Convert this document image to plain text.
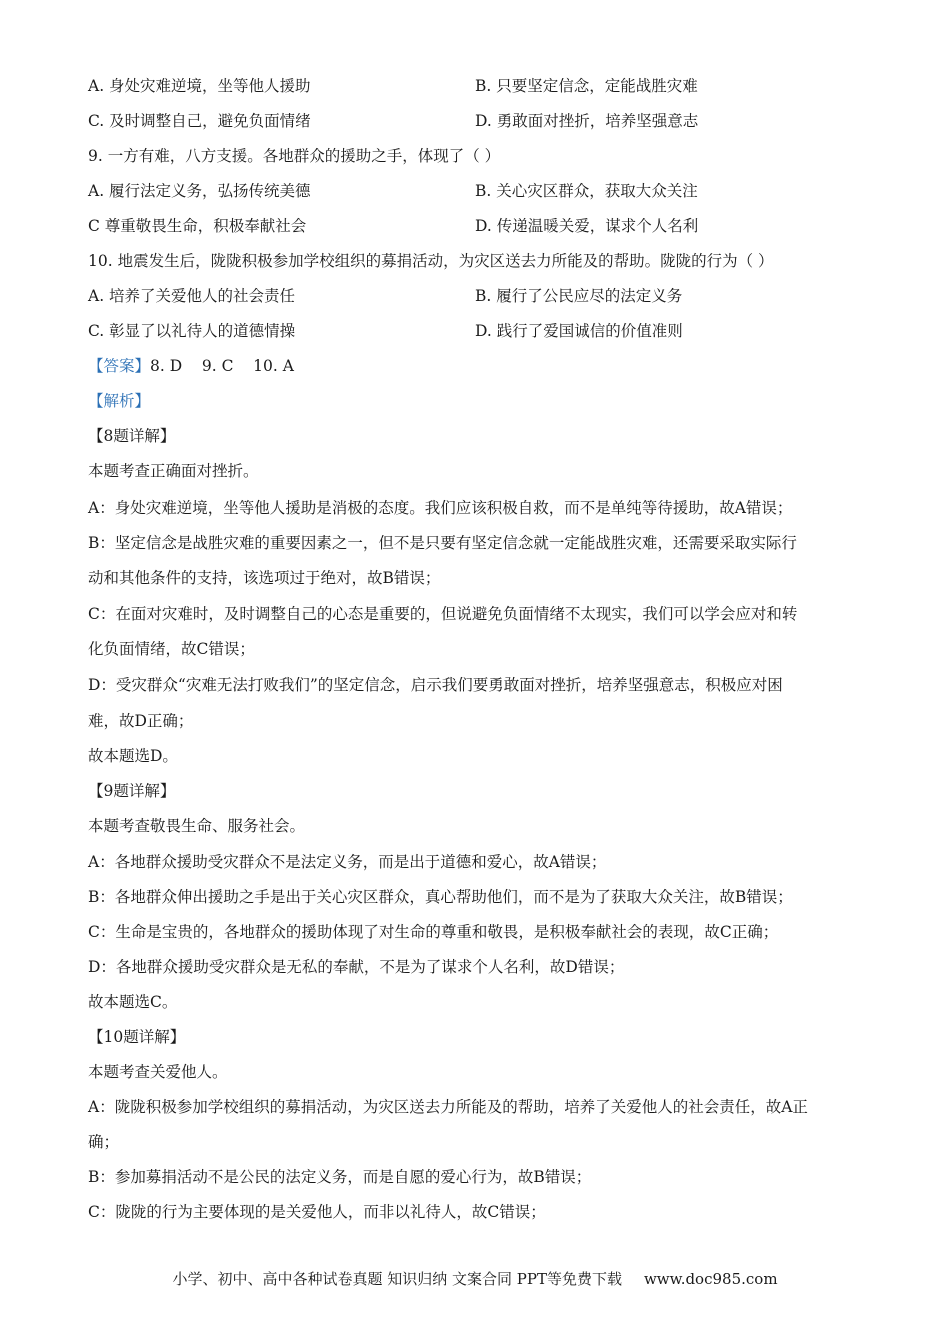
A. 身处灾难逆境，坐等他人援助	B. 只要坚定信念，定能战胜灾难
C. 及时调整自己，避免负面情绪	D. 勇敢面对挫折，培养坚强意志
9. 一方有难，八方支援。各地群众的援助之手，体现了（ ）
A. 履行法定义务，弘扬传统美德	B. 关心灾区群众，获取大众关注
C 尊重敬畏生命，积极奉献社会	D. 传递温暖关爱，谋求个人名利
10. 地震发生后，陇陇积极参加学校组织的募捐活动，为灾区送去力所能及的帮助。陇陇的行为（ ）
A. 培养了关爱他人的社会责任	B. 履行了公民应尽的法定义务
C. 彰显了以礼待人的道德情操	D. 践行了爱国诚信的价值准则
【答案】8. D    9. C    10. A
【解析】
【8题详解】
本题考查正确面对挫折。
A：身处灾难逆境，坐等他人援助是消极的态度。我们应该积极自救，而不是单纯等待援助，故A错误；
B：坚定信念是战胜灾难的重要因素之一，但不是只要有坚定信念就一定能战胜灾难，还需要采取实际行
动和其他条件的支持，该选项过于绝对，故B错误；
C：在面对灾难时，及时调整自己的心态是重要的，但说避免负面情绪不太现实，我们可以学会应对和转
化负面情绪，故C错误；
D：受灾群众“灾难无法打败我们”的坚定信念，启示我们要勇敢面对挫折，培养坚强意志，积极应对困
难，故D正确；
故本题选D。
【9题详解】
本题考查敬畏生命、服务社会。
A：各地群众援助受灾群众不是法定义务，而是出于道德和爱心，故A错误；
B：各地群众伸出援助之手是出于关心灾区群众，真心帮助他们，而不是为了获取大众关注，故B错误；
C：生命是宝贵的，各地群众的援助体现了对生命的尊重和敬畏，是积极奉献社会的表现，故C正确；
D：各地群众援助受灾群众是无私的奉献，不是为了谋求个人名利，故D错误；
故本题选C。
【10题详解】
本题考查关爱他人。
A：陇陇积极参加学校组织的募捐活动，为灾区送去力所能及的帮助，培养了关爱他人的社会责任，故A正
确；
B：参加募捐活动不是公民的法定义务，而是自愿的爱心行为，故B错误；
C：陇陇的行为主要体现的是关爱他人，而非以礼待人，故C错误；
小学、初中、高中各种试卷真题 知识归纳 文案合同 PPT等免费下载 www.doc985.com
